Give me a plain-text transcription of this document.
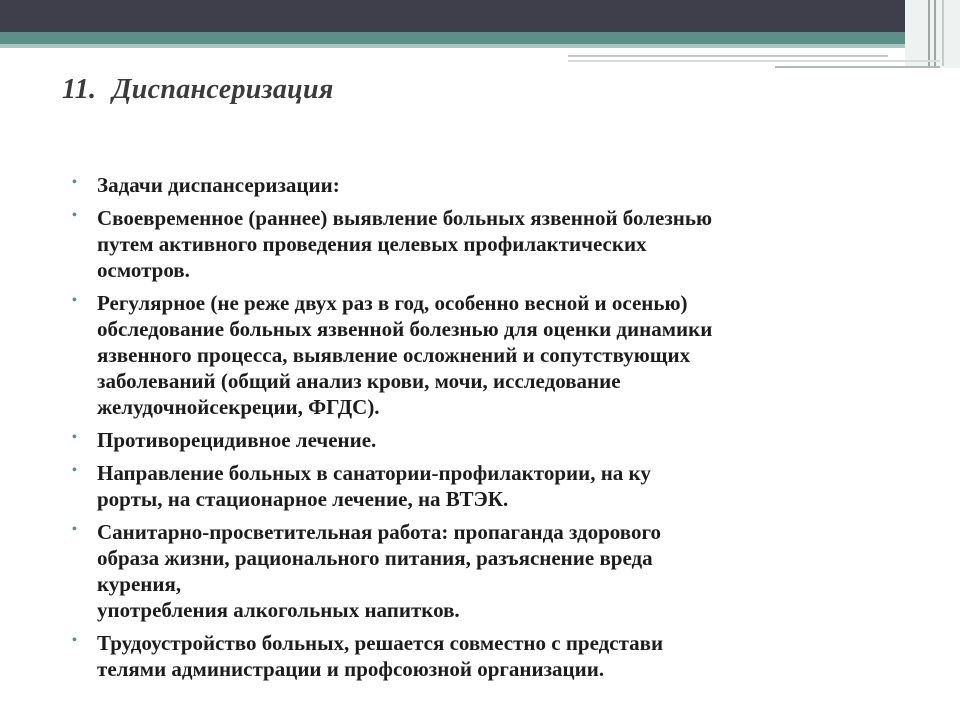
11. Диспансеризация
• Задачи диспансеризации:
• Своевременное (раннее) выявление больных язвенной болезнью
путем активного проведения целевых профилактических
осмотров.
• Регулярное (не реже двух раз в год, особенно весной и осенью)
обследование больных язвенной болезнью для оценки динамики
язвенного процесса, выявление осложнений и сопутствующих
заболеваний (общий анализ крови, мочи, исследование
желудочнойсекреции, ФГДС).
• Противорецидивное лечение.
• Направление больных в санатории-профилактории, на ку
рорты, на стационарное лечение, на ВТЭК.
• Санитарно-просветительная работа: пропаганда здорового
образа жизни, рационального питания, разъяснение вреда
курения,
употребления алкогольных напитков.
• Трудоустройство больных, решается совместно с представи
телями администрации и профсоюзной организации.
